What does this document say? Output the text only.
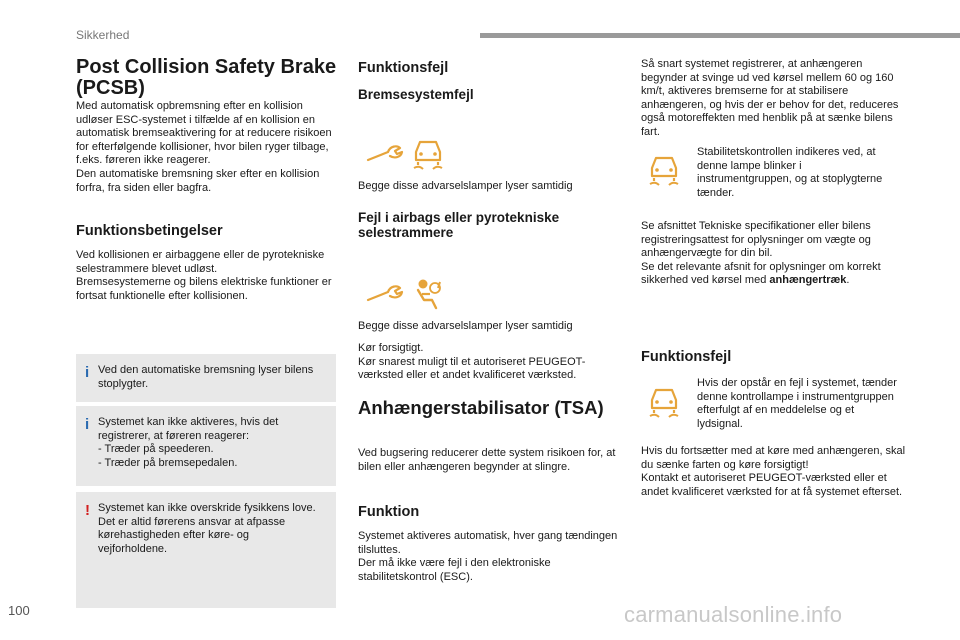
Sikkerhed
Post Collision Safety Brake (PCSB)
Med automatisk opbremsning efter en kollision udløser ESC-systemet i tilfælde af en kollision en automatisk bremseaktivering for at reducere risikoen for efterfølgende kollisioner, hvor bilen ryger tilbage, f.eks. føreren ikke reagerer.
Den automatiske bremsning sker efter en kollision forfra, fra siden eller bagfra.
Funktionsbetingelser
Ved kollisionen er airbaggene eller de pyrotekniske selestrammere blevet udløst.
Bremsesystemerne og bilens elektriske funktioner er fortsat funktionelle efter kollisionen.
i Ved den automatiske bremsning lyser bilens stoplygter.
i Systemet kan ikke aktiveres, hvis det registrerer, at føreren reagerer:
- Træder på speederen.
- Træder på bremsepedalen.
! Systemet kan ikke overskride fysikkens love.
Det er altid førerens ansvar at afpasse kørehastigheden efter køre- og vejforholdene.
Funktionsfejl
Bremsesystemfejl
Begge disse advarselslamper lyser samtidig
Fejl i airbags eller pyrotekniske selestrammere
Begge disse advarselslamper lyser samtidig
Kør forsigtigt.
Kør snarest muligt til et autoriseret PEUGEOT-værksted eller et andet kvalificeret værksted.
Anhængerstabilisator (TSA)
Ved bugsering reducerer dette system risikoen for, at bilen eller anhængeren begynder at slingre.
Funktion
Systemet aktiveres automatisk, hver gang tændingen tilsluttes.
Der må ikke være fejl i den elektroniske stabilitetskontrol (ESC).
Så snart systemet registrerer, at anhængeren begynder at svinge ud ved kørsel mellem 60 og 160 km/t, aktiveres bremserne for at stabilisere anhængeren, og hvis der er behov for det, reduceres også motoreffekten med henblik på at sænke bilens fart.
Stabilitetskontrollen indikeres ved, at denne lampe blinker i instrumentgruppen, og at stoplygterne tænder.
Se afsnittet Tekniske specifikationer eller bilens registreringsattest for oplysninger om vægte og anhængervægte for din bil.
Se det relevante afsnit for oplysninger om korrekt sikkerhed ved kørsel med anhængertræk.
Funktionsfejl
Hvis der opstår en fejl i systemet, tænder denne kontrollampe i instrumentgruppen efterfulgt af en meddelelse og et lydsignal.
Hvis du fortsætter med at køre med anhængeren, skal du sænke farten og køre forsigtigt!
Kontakt et autoriseret PEUGEOT-værksted eller et andet kvalificeret værksted for at få systemet efterset.
100	carmanualsonline.info
